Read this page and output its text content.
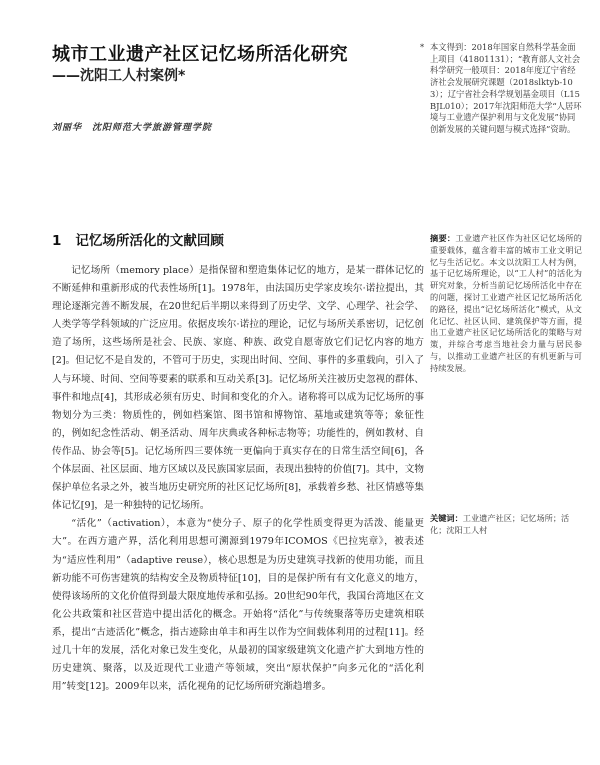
城市工业遗产社区记忆场所活化研究
——沈阳工人村案例*
刘丽华　沈阳师范大学旅游管理学院
* 本文得到：2018年国家自然科学基金面上项目（41801131）；“教育部人文社会科学研究一般项目：2018年度辽宁省经济社会发展研究课题（2018slktyb-103）；辽宁省社会科学规划基金项目（L15BJL010）；2017年沈阳师范大学“人居环境与工业遗产保护利用与文化发展”协同创新发展的关键问题与模式选择”资助。
1 记忆场所活化的文献回顾

记忆场所（memory place）是指保留和塑造集体记忆的地方，是某一群体记忆的不断延伸和重新形成的代表性场所[1]。1978年，由法国历史学家皮埃尔·诺拉提出，其理论逐渐完善不断发展，在20世纪后半期以来得到了历史学、文学、心理学、社会学、人类学等学科领域的广泛应用。依据皮埃尔·诺拉的理论，记忆与场所关系密切，记忆创造了场所，这些场所是社会、民族、家庭、种族、政党自愿寄放它们记忆内容的地方[2]。但记忆不是自发的，不管可于历史，实现出时间、空间、事件的多重载向，引入了人与环境、时间、空间等要素的联系和互动关系[3]。记忆场所关注被历史忽视的群体、事件和地点[4]，其形成必须有历史、时间和变化的介入。诸称将可以成为记忆场所的事物划分为三类：物质性的，例如档案馆、图书馆和博物馆、墓地或建筑等等；象征性的，例如纪念性活动、朝圣活动、周年庆典或各种标志物等；功能性的，例如教材、自传作品、协会等[5]。记忆场所四三要体统一更偏向于真实存在的日常生活空间[6]，各个体层面、社区层面、地方区域以及民族国家层面，表现出独特的价值[7]。其中，文物保护单位名录之外，被当地历史研究所的社区记忆场所[8]，承载着乡愁、社区情感等集体记忆[9]，是一种独特的记忆场所。

“活化”（activation），本意为“使分子、原子的化学性质变得更为活泼、能量更大”。在西方遗产界，活化利用思想可溯源到1979年ICOMOS《巴拉宪章》，被表述为“适应性利用”（adaptive reuse），核心思想是为历史建筑寻找新的使用功能，而且新功能不可伤害建筑的结构安全及物质特征[10]，目的是保护所有有文化意义的地方，使得该场所的文化价值得到最大限度地传承和弘扬。20世纪90年代，我国台湾地区在文化公共政策和社区营造中提出活化的概念。开始将“活化”与传统聚落等历史建筑相联系，提出“古迹活化”概念，指古迹除由单丰和再生以作为空间载体利用的过程[11]。经过几十年的发展，活化对象已发生变化，从最初的国家级建筑文化遗产扩大到地方性的历史建筑、聚落，以及近现代工业遗产等领域，突出“原状保护”向多元化的“活化利用”转变[12]。2009年以来，活化视角的记忆场所研究渐趋增多。

摘要：工业遗产社区作为社区记忆场所的重要载体，蕴含着丰富的城市工业文明记忆与生活记忆。本文以沈阳工人村为例，基于记忆场所理论，以“工人村”的活化为研究对象，分析当前记忆场所活化中存在的问题，探讨工业遗产社区记忆场所活化的路径，提出“记忆场所活化”模式，从文化记忆、社区认同、建筑保护等方面，提出工业遗产社区记忆场所活化的策略与对策，并综合考虑当地社会力量与居民参与，以推动工业遗产社区的有机更新与可持续发展。
关键词：工业遗产社区；记忆场所；活化；沈阳工人村
